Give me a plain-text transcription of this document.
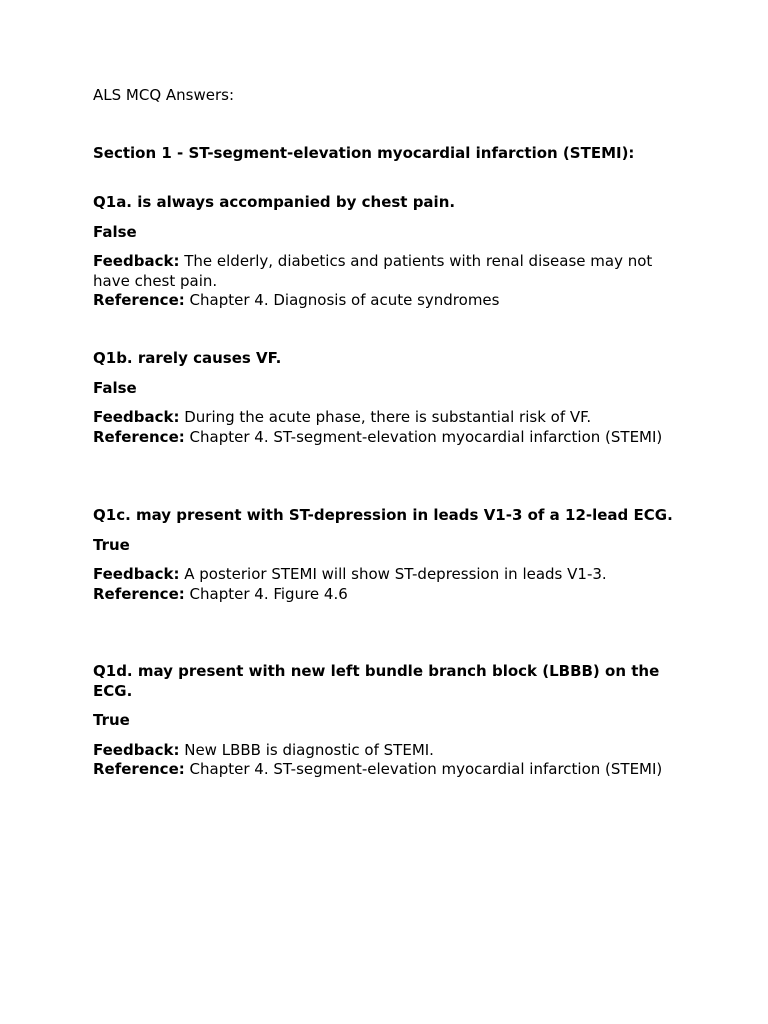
ALS MCQ Answers:
Section 1 - ST-segment-elevation myocardial infarction (STEMI):

Q1a. is always accompanied by chest pain.

False

Feedback: The elderly, diabetics and patients with renal disease may not have chest pain.
Reference: Chapter 4. Diagnosis of acute syndromes

Q1b. rarely causes VF.

False

Feedback: During the acute phase, there is substantial risk of VF.
Reference: Chapter 4. ST-segment-elevation myocardial infarction (STEMI)

Q1c. may present with ST-depression in leads V1-3 of a 12-lead ECG.

True

Feedback: A posterior STEMI will show ST-depression in leads V1-3.
Reference: Chapter 4. Figure 4.6

Q1d. may present with new left bundle branch block (LBBB) on the ECG.

True

Feedback: New LBBB is diagnostic of STEMI.
Reference: Chapter 4. ST-segment-elevation myocardial infarction (STEMI)
